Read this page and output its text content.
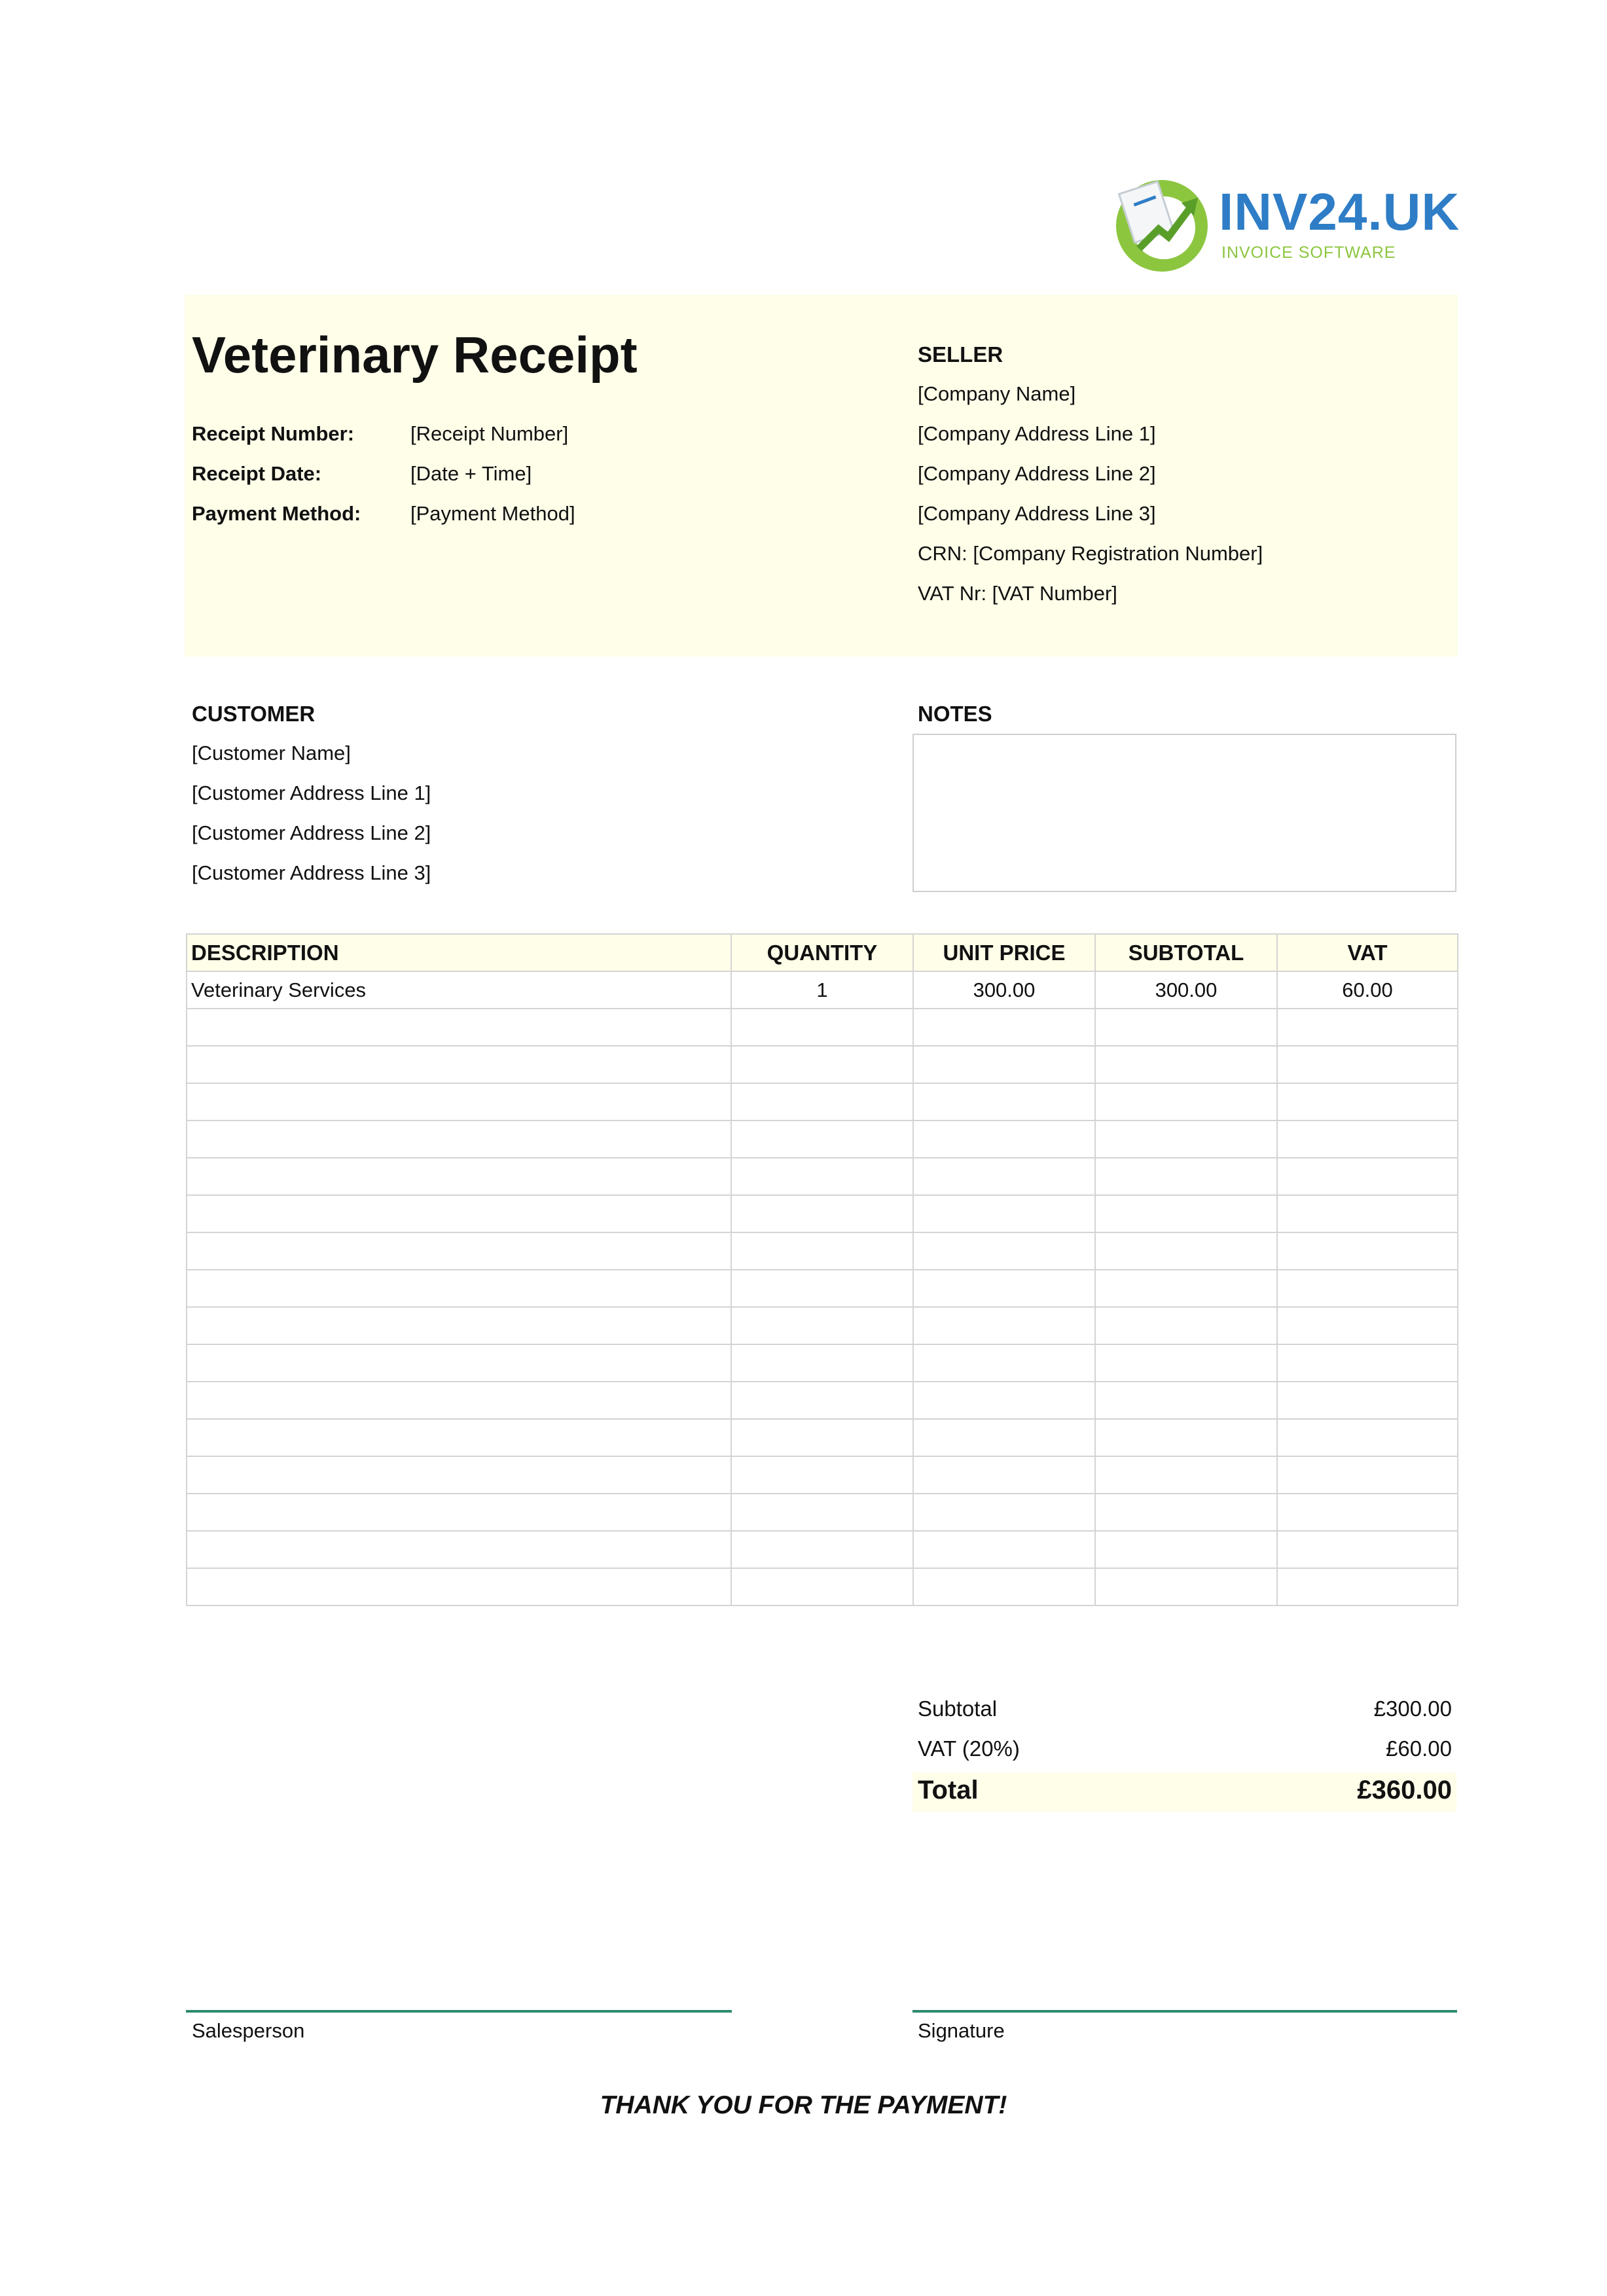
INV24.UK
INVOICE SOFTWARE
Veterinary Receipt
Receipt Number:	[Receipt Number]
Receipt Date:	[Date + Time]
Payment Method: [Payment Method]
SELLER
[Company Name]
[Company Address Line 1]
[Company Address Line 2]
[Company Address Line 3]
CRN: [Company Registration Number]
VAT Nr: [VAT Number]
CUSTOMER
[Customer Name]
[Customer Address Line 1]
[Customer Address Line 2]
[Customer Address Line 3]
NOTES
DESCRIPTION	QUANTITY	UNIT PRICE	SUBTOTAL	VAT
Veterinary Services	1	300.00	300.00	60.00

Subtotal	£300.00
VAT (20%)	£60.00
Total	£360.00
Salesperson	Signature
THANK YOU FOR THE PAYMENT!
